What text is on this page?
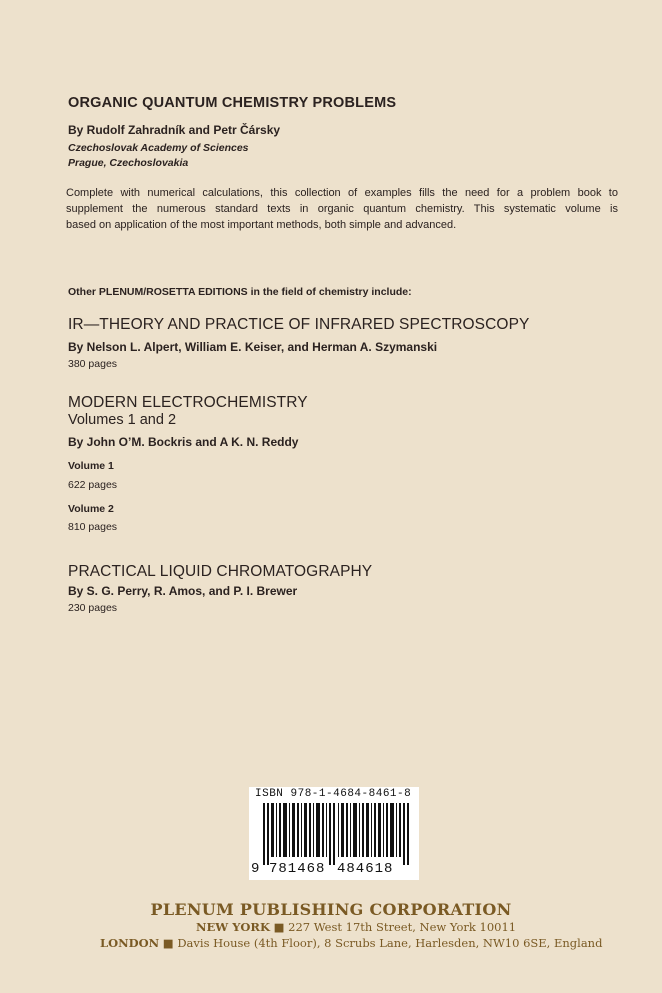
ORGANIC QUANTUM CHEMISTRY PROBLEMS
By Rudolf Zahradník and Petr Čársky
Czechoslovak Academy of Sciences
Prague, Czechoslovakia
Complete with numerical calculations, this collection of examples fills the need for a problem book to
supplement the numerous standard texts in organic quantum chemistry. This systematic volume is
based on application of the most important methods, both simple and advanced.
Other PLENUM/ROSETTA EDITIONS in the field of chemistry include:
IR—THEORY AND PRACTICE OF INFRARED SPECTROSCOPY
By Nelson L. Alpert, William E. Keiser, and Herman A. Szymanski
380 pages
MODERN ELECTROCHEMISTRY
Volumes 1 and 2
By John O’M. Bockris and A K. N. Reddy
Volume 1
622 pages
Volume 2
810 pages
PRACTICAL LIQUID CHROMATOGRAPHY
By S. G. Perry, R. Amos, and P. I. Brewer
230 pages
ISBN 978-1-4684-8461-8
9 781468 484618
PLENUM PUBLISHING CORPORATION
NEW YORK ■ 227 West 17th Street, New York 10011
LONDON ■ Davis House (4th Floor), 8 Scrubs Lane, Harlesden, NW10 6SE, England
